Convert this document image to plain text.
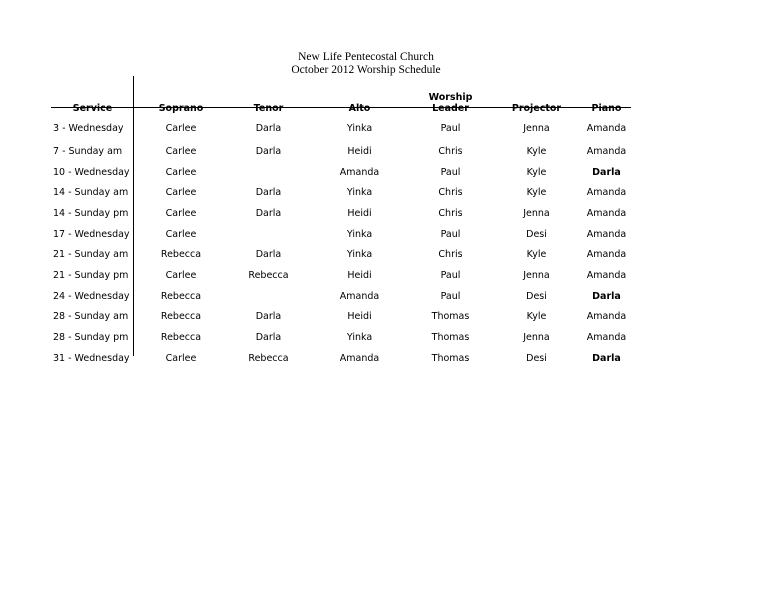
New Life Pentecostal Church
October 2012 Worship Schedule
Service	Soprano	Tenor	Alto	Worship Leader	Projector	Piano
3 - Wednesday	Carlee	Darla	Yinka	Paul	Jenna	Amanda
7 - Sunday am	Carlee	Darla	Heidi	Chris	Kyle	Amanda
10 - Wednesday	Carlee		Amanda	Paul	Kyle	Darla
14 - Sunday am	Carlee	Darla	Yinka	Chris	Kyle	Amanda
14 - Sunday pm	Carlee	Darla	Heidi	Chris	Jenna	Amanda
17 - Wednesday	Carlee		Yinka	Paul	Desi	Amanda
21 - Sunday am	Rebecca	Darla	Yinka	Chris	Kyle	Amanda
21 - Sunday pm	Carlee	Rebecca	Heidi	Paul	Jenna	Amanda
24 - Wednesday	Rebecca		Amanda	Paul	Desi	Darla
28 - Sunday am	Rebecca	Darla	Heidi	Thomas	Kyle	Amanda
28 - Sunday pm	Rebecca	Darla	Yinka	Thomas	Jenna	Amanda
31 - Wednesday	Carlee	Rebecca	Amanda	Thomas	Desi	Darla
